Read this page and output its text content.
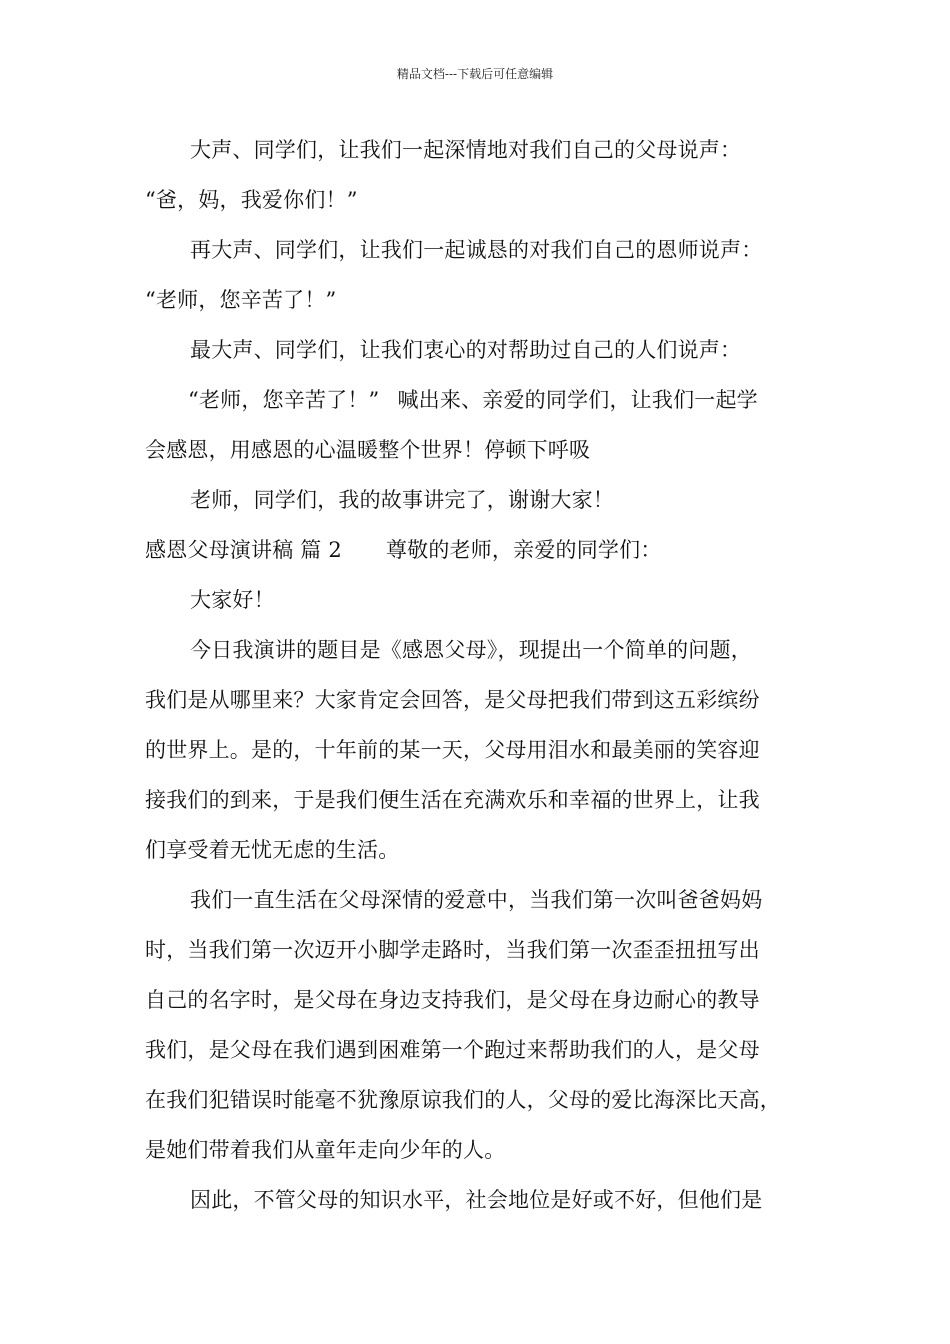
精品文档---下载后可任意编辑
大声、同学们，让我们一起深情地对我们自己的父母说声：
“爸，妈，我爱你们！”
再大声、同学们，让我们一起诚恳的对我们自己的恩师说声：
“老师，您辛苦了！”
最大声、同学们，让我们衷心的对帮助过自己的人们说声：
“老师，您辛苦了！” 喊出来、亲爱的同学们，让我们一起学
会感恩，用感恩的心温暖整个世界！停顿下呼吸
老师，同学们，我的故事讲完了，谢谢大家！
感恩父母演讲稿 篇 2 尊敬的老师，亲爱的同学们：
大家好！
今日我演讲的题目是《感恩父母》，现提出一个简单的问题，
我们是从哪里来？大家肯定会回答，是父母把我们带到这五彩缤纷
的世界上。是的，十年前的某一天，父母用泪水和最美丽的笑容迎
接我们的到来，于是我们便生活在充满欢乐和幸福的世界上，让我
们享受着无忧无虑的生活。
我们一直生活在父母深情的爱意中，当我们第一次叫爸爸妈妈
时，当我们第一次迈开小脚学走路时，当我们第一次歪歪扭扭写出
自己的名字时，是父母在身边支持我们，是父母在身边耐心的教导
我们，是父母在我们遇到困难第一个跑过来帮助我们的人，是父母
在我们犯错误时能毫不犹豫原谅我们的人，父母的爱比海深比天高，
是她们带着我们从童年走向少年的人。
因此，不管父母的知识水平，社会地位是好或不好，但他们是
